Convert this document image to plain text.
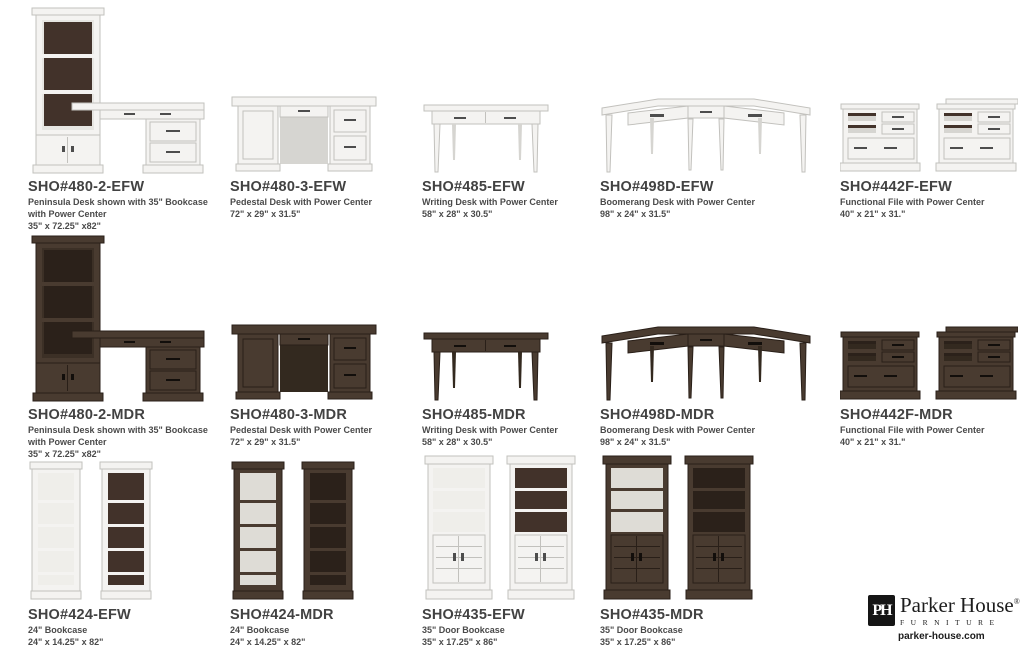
SHO#480-2-EFW
Peninsula Desk shown with 35" Bookcase with Power Center
35" x 72.25" x82"
SHO#480-3-EFW
Pedestal Desk with Power Center
72" x 29" x 31.5"
SHO#485-EFW
Writing Desk with Power Center
58" x 28" x 30.5"
SHO#498D-EFW
Boomerang Desk with Power Center
98" x 24" x 31.5"
SHO#442F-EFW
Functional File with Power Center
40" x 21" x 31."
SHO#480-2-MDR
Peninsula Desk shown with 35" Bookcase with Power Center
35" x 72.25" x82"
SHO#480-3-MDR
Pedestal Desk with Power Center
72" x 29" x 31.5"
SHO#485-MDR
Writing Desk with Power Center
58" x 28" x 30.5"
SHO#498D-MDR
Boomerang Desk with Power Center
98" x 24" x 31.5"
SHO#442F-MDR
Functional File with Power Center
40" x 21" x 31."
SHO#424-EFW
24" Bookcase
24" x 14.25" x 82"
SHO#424-MDR
24" Bookcase
24" x 14.25" x 82"
SHO#435-EFW
35" Door Bookcase
35" x 17.25" x 86"
SHO#435-MDR
35" Door Bookcase
35" x 17.25" x 86"
PH Parker House®
FURNITURE
parker-house.com
